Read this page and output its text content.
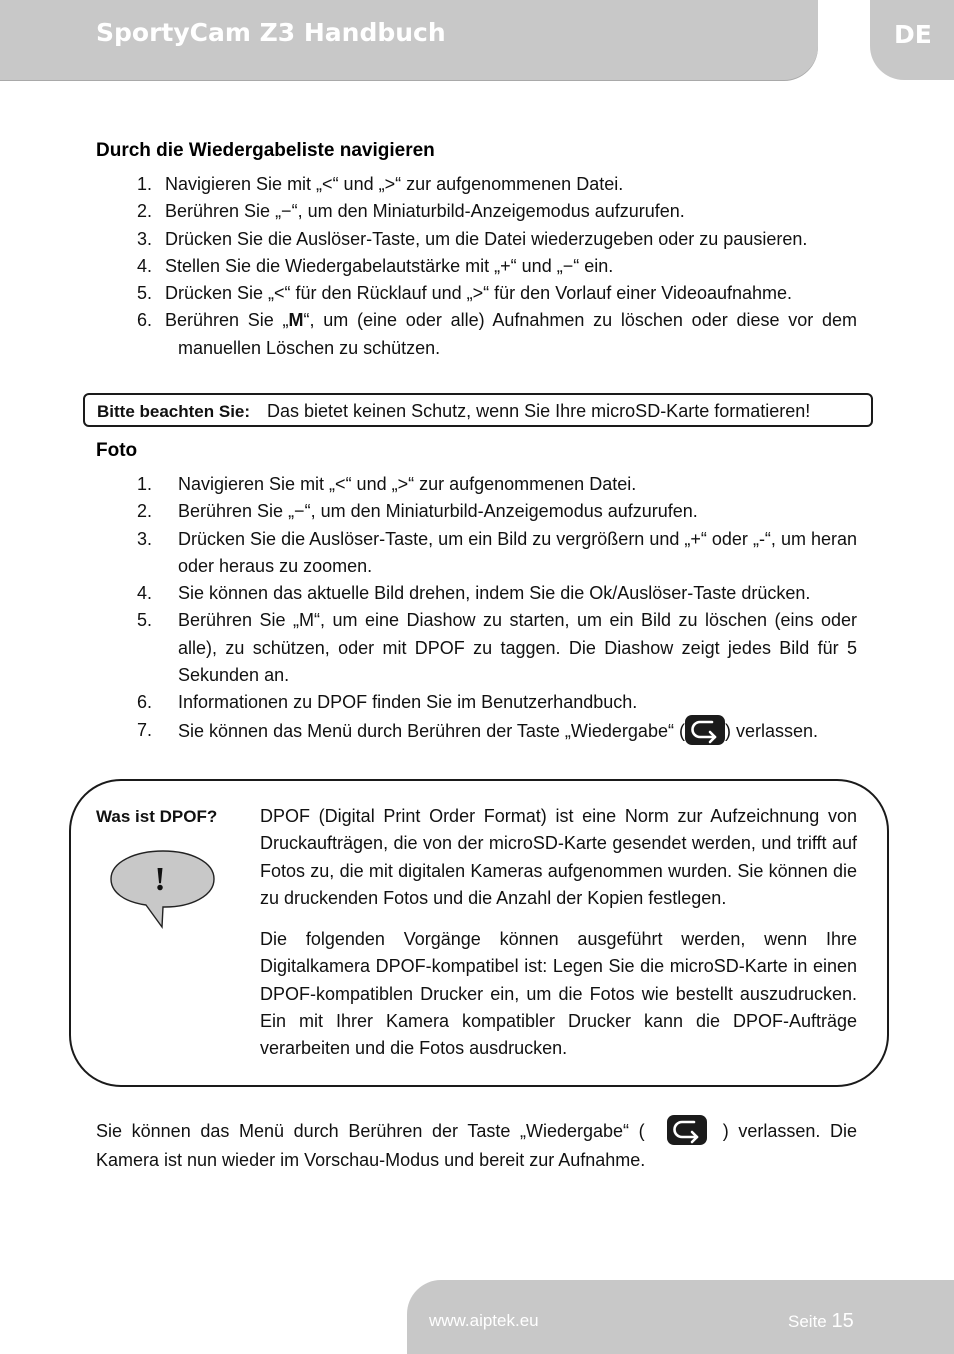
SportyCam Z3 Handbuch	DE
Durch die Wiedergabeliste navigieren
1. Navigieren Sie mit „<“ und „>“ zur aufgenommenen Datei.
2. Berühren Sie „−“, um den Miniaturbild-Anzeigemodus aufzurufen.
3. Drücken Sie die Auslöser-Taste, um die Datei wiederzugeben oder zu pausieren.
4. Stellen Sie die Wiedergabelautstärke mit „+“ und „−“ ein.
5. Drücken Sie „<“ für den Rücklauf und „>“ für den Vorlauf einer Videoaufnahme.
6. Berühren Sie „M“, um (eine oder alle) Aufnahmen zu löschen oder diese vor dem manuellen Löschen zu schützen.
Bitte beachten Sie: Das bietet keinen Schutz, wenn Sie Ihre microSD-Karte formatieren!
Foto
1.	Navigieren Sie mit „<“ und „>“ zur aufgenommenen Datei.
2.	Berühren Sie „−“, um den Miniaturbild-Anzeigemodus aufzurufen.
3.	Drücken Sie die Auslöser-Taste, um ein Bild zu vergrößern und „+“ oder „-“, um heran oder heraus zu zoomen.
4.	Sie können das aktuelle Bild drehen, indem Sie die Ok/Auslöser-Taste drücken.
5.	Berühren Sie „M“, um eine Diashow zu starten, um ein Bild zu löschen (eins oder alle), zu schützen, oder mit DPOF zu taggen. Die Diashow zeigt jedes Bild für 5 Sekunden an.
6.	Informationen zu DPOF finden Sie im Benutzerhandbuch.
7.	Sie können das Menü durch Berühren der Taste „Wiedergabe“ ( ) verlassen.
Was ist DPOF?
!

DPOF (Digital Print Order Format) ist eine Norm zur Aufzeichnung von Druckaufträgen, die von der microSD-Karte gesendet werden, und trifft auf Fotos zu, die mit digitalen Kameras aufgenommen wurden. Sie können die zu druckenden Fotos und die Anzahl der Kopien festlegen.

Die folgenden Vorgänge können ausgeführt werden, wenn Ihre Digitalkamera DPOF-kompatibel ist: Legen Sie die microSD-Karte in einen DPOF-kompatiblen Drucker ein, um die Fotos wie bestellt auszudrucken. Ein mit Ihrer Kamera kompatibler Drucker kann die DPOF-Aufträge verarbeiten und die Fotos ausdrucken.

Sie können das Menü durch Berühren der Taste „Wiedergabe“ (	) verlassen. Die Kamera ist nun wieder im Vorschau-Modus und bereit zur Aufnahme.
www.aiptek.eu	Seite 15
